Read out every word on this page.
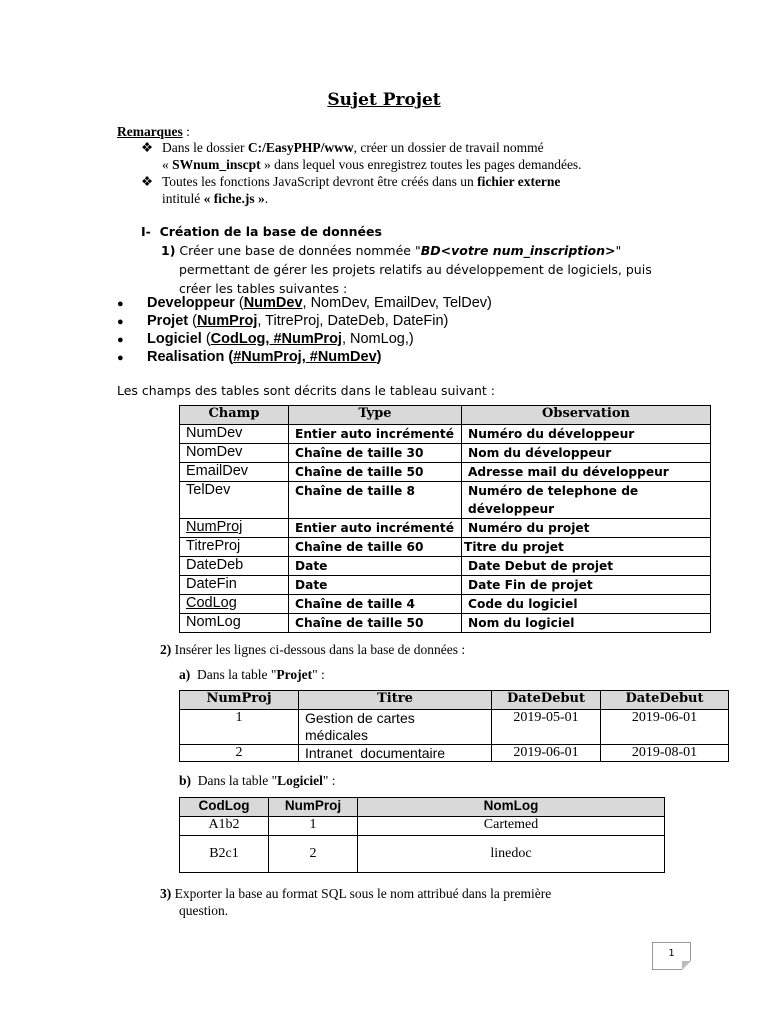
Sujet Projet
Remarques :
❖ Dans le dossier C:/EasyPHP/www, créer un dossier de travail nommé
« SWnum_inscpt » dans lequel vous enregistrez toutes les pages demandées.
❖ Toutes les fonctions JavaScript devront être créés dans un fichier externe
intitulé « fiche.js ».
I- Création de la base de données
1) Créer une base de données nommée "BD<votre num_inscription>"
permettant de gérer les projets relatifs au développement de logiciels, puis
créer les tables suivantes :
● Developpeur (NumDev, NomDev, EmailDev, TelDev)
● Projet (NumProj, TitreProj, DateDeb, DateFin)
● Logiciel (CodLog, #NumProj, NomLog,)
● Realisation (#NumProj, #NumDev)
Les champs des tables sont décrits dans le tableau suivant :
Champ	Type	Observation
NumDev	Entier auto incrémenté	Numéro du développeur
NomDev	Chaîne de taille 30	Nom du développeur
EmailDev	Chaîne de taille 50	Adresse mail du développeur
TelDev	Chaîne de taille 8	Numéro de telephone de développeur
NumProj	Entier auto incrémenté	Numéro du projet
TitreProj	Chaîne de taille 60	Titre du projet
DateDeb	Date	Date Debut de projet
DateFin	Date	Date Fin de projet
CodLog	Chaîne de taille 4	Code du logiciel
NomLog	Chaîne de taille 50	Nom du logiciel
2) Insérer les lignes ci-dessous dans la base de données :
a) Dans la table "Projet" :
NumProj	Titre	DateDebut	DateDebut
1	Gestion de cartes médicales	2019-05-01	2019-06-01
2	Intranet  documentaire	2019-06-01	2019-08-01
b) Dans la table "Logiciel" :
CodLog	NumProj	NomLog
A1b2	1	Cartemed
B2c1	2	linedoc
3) Exporter la base au format SQL sous le nom attribué dans la première
question.
1
